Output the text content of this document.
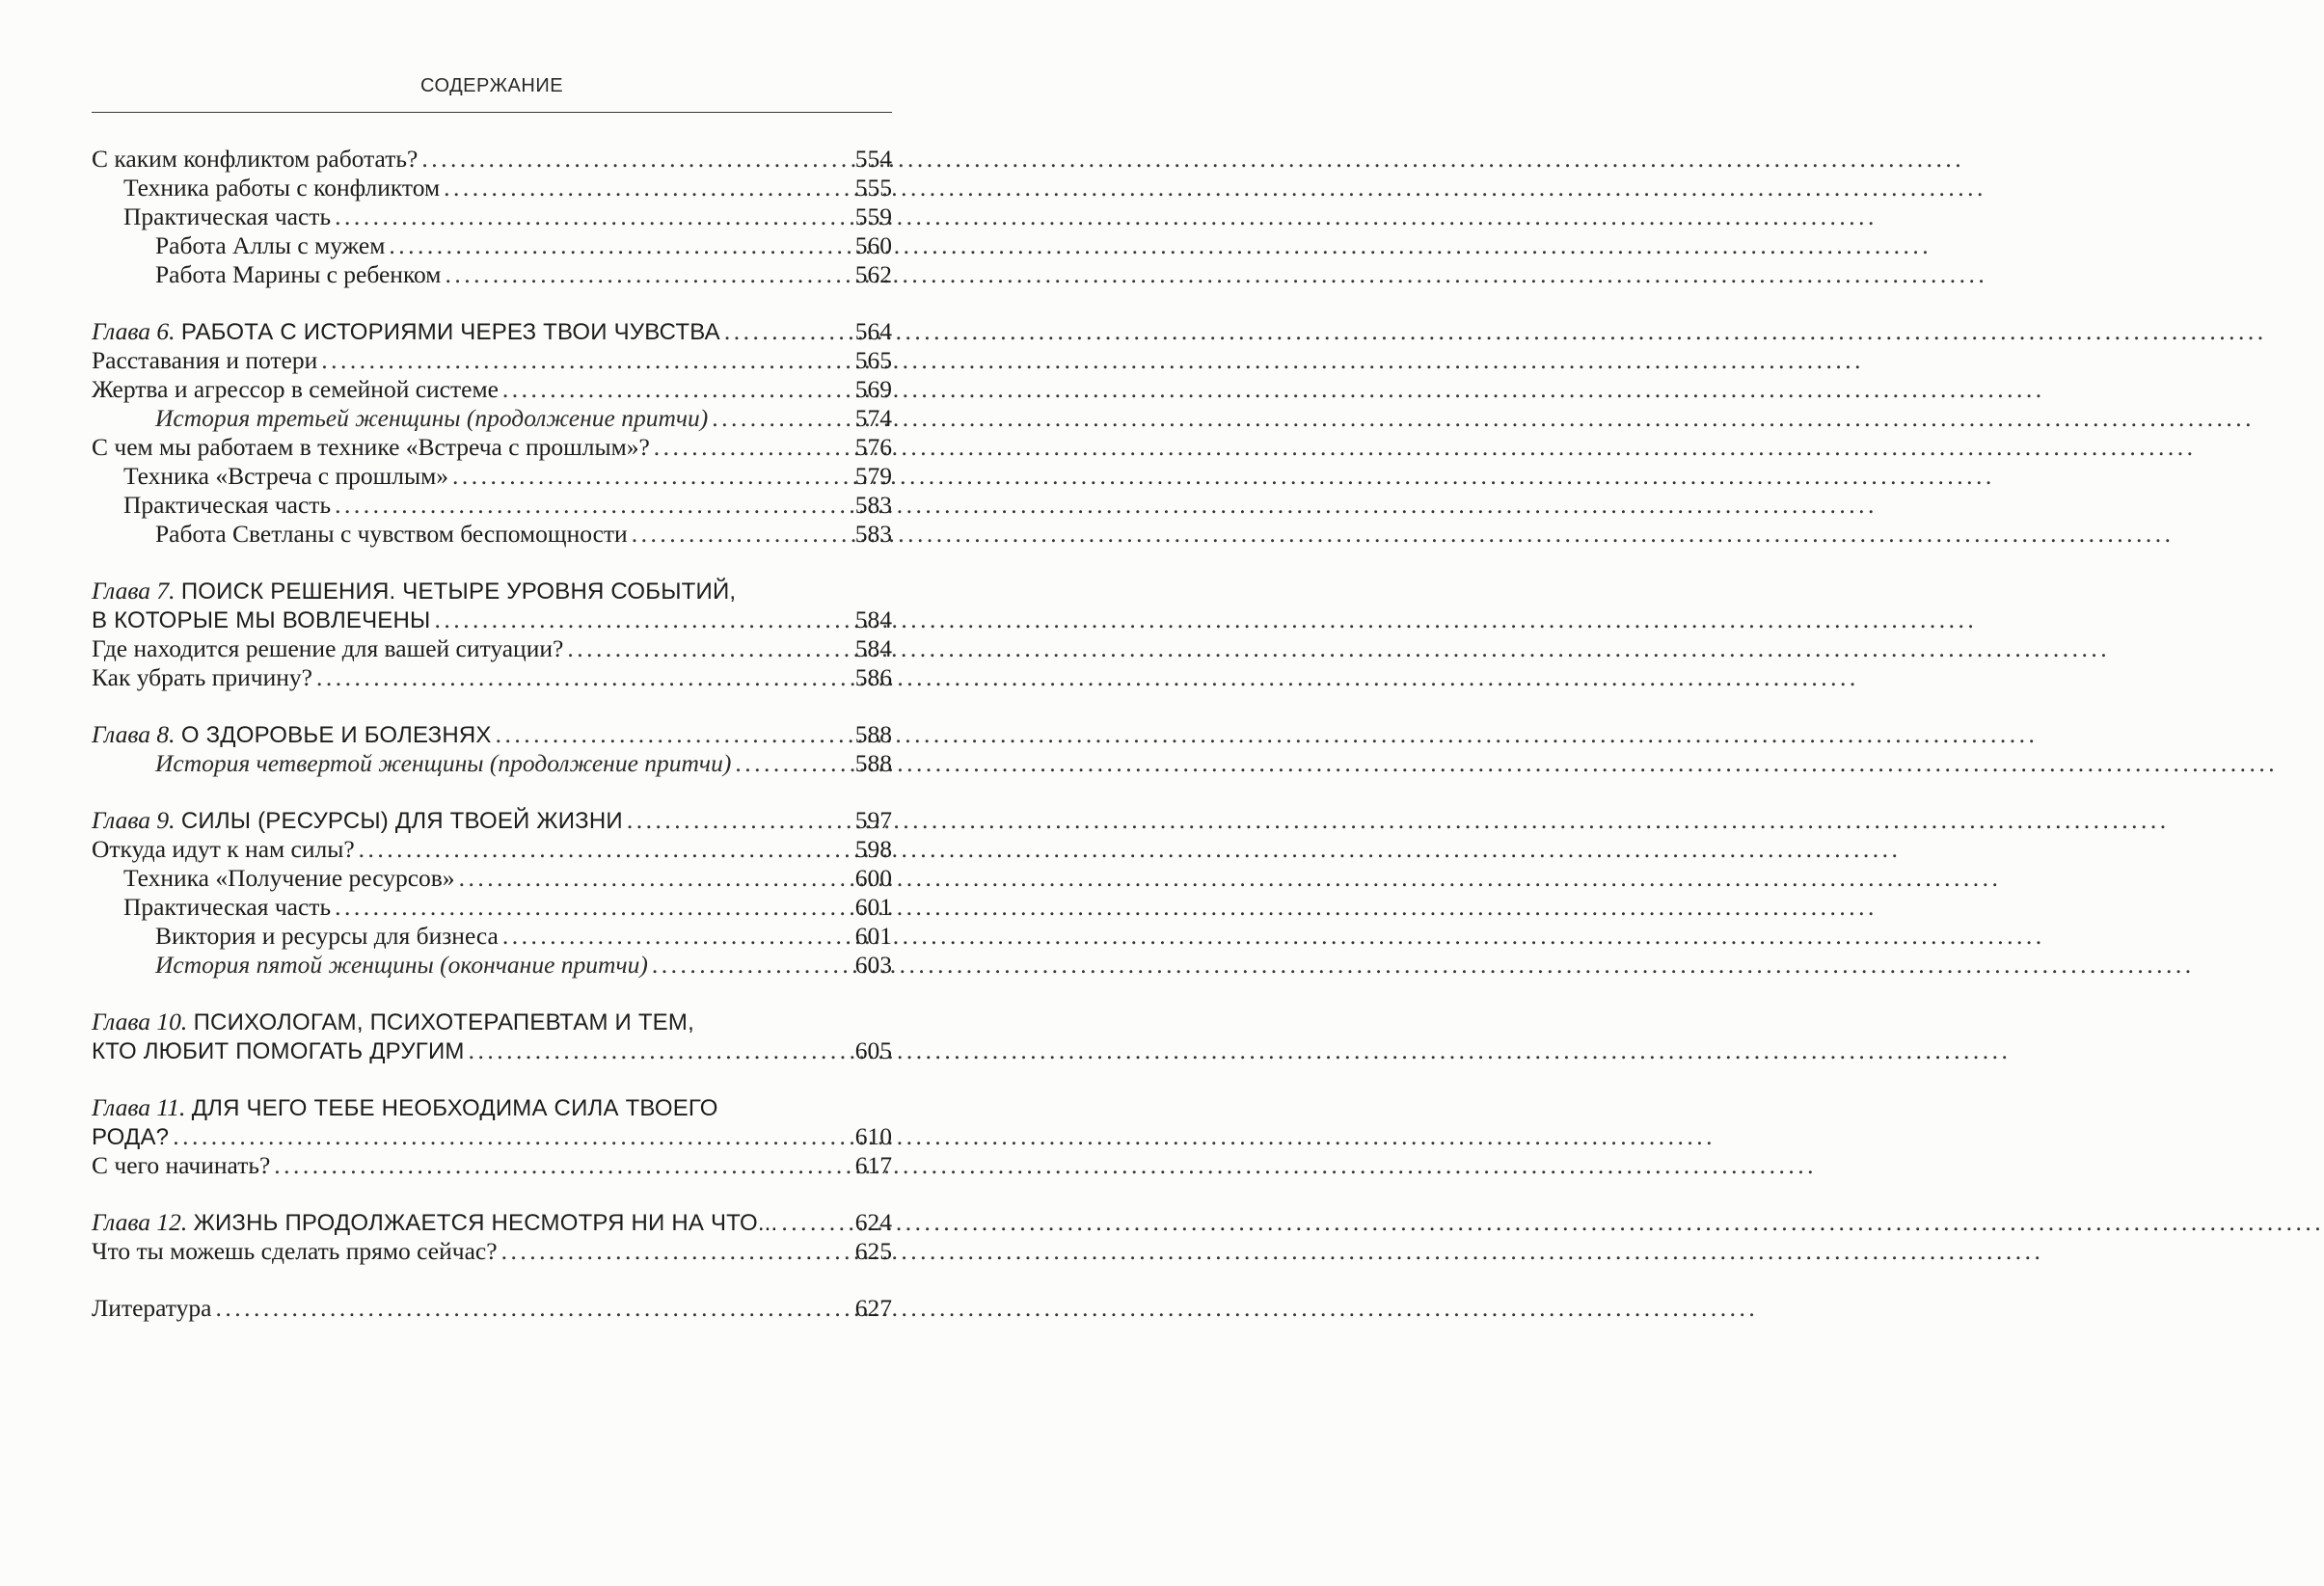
СОДЕРЖАНИЕ
С каким конфликтом работать? .....	554
Техника работы с конфликтом .....	555
Практическая часть .....	559
Работа Аллы с мужем .....	560
Работа Марины с ребенком .....	562
Глава 6. РАБОТА С ИСТОРИЯМИ ЧЕРЕЗ ТВОИ ЧУВСТВА .....	564
Расставания и потери .....	565
Жертва и агрессор в семейной системе .....	569
История третьей женщины (продолжение притчи) .....	574
С чем мы работаем в технике «Встреча с прошлым»? .....	576
Техника «Встреча с прошлым» .....	579
Практическая часть .....	583
Работа Светланы с чувством беспомощности .....	583
Глава 7. ПОИСК РЕШЕНИЯ. ЧЕТЫРЕ УРОВНЯ СОБЫТИЙ,
В КОТОРЫЕ МЫ ВОВЛЕЧЕНЫ .....	584
Где находится решение для вашей ситуации? .....	584
Как убрать причину? .....	586
Глава 8. О ЗДОРОВЬЕ И БОЛЕЗНЯХ .....	588
История четвертой женщины (продолжение притчи) .....	588
Глава 9. СИЛЫ (РЕСУРСЫ) ДЛЯ ТВОЕЙ ЖИЗНИ .....	597
Откуда идут к нам силы? .....	598
Техника «Получение ресурсов» .....	600
Практическая часть .....	601
Виктория и ресурсы для бизнеса .....	601
История пятой женщины (окончание притчи) .....	603
Глава 10. ПСИХОЛОГАМ, ПСИХОТЕРАПЕВТАМ И ТЕМ,
КТО ЛЮБИТ ПОМОГАТЬ ДРУГИМ .....	605
Глава 11. ДЛЯ ЧЕГО ТЕБЕ НЕОБХОДИМА СИЛА ТВОЕГО
РОДА? .....	610
С чего начинать? .....	617
Глава 12. ЖИЗНЬ ПРОДОЛЖАЕТСЯ НЕСМОТРЯ НИ НА ЧТО... .....	624
Что ты можешь сделать прямо сейчас? .....	625
Литература .....	627
